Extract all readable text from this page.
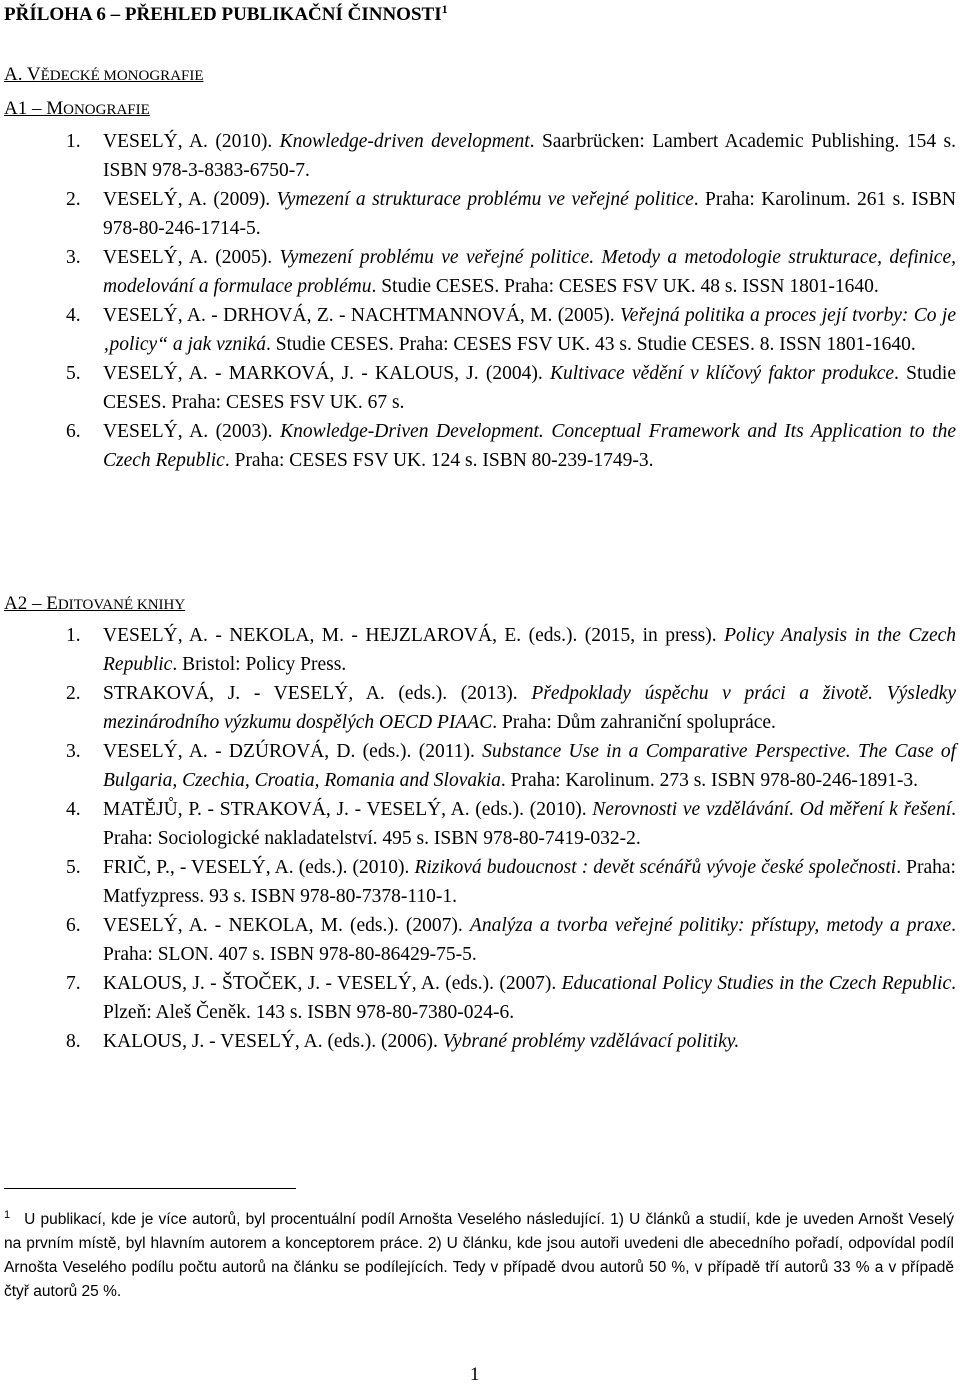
PŘÍLOHA 6 – PŘEHLED PUBLIKAČNÍ ČINNOSTI$^1$
A. VĚDECKÉ MONOGRAFIE
A1 – MONOGRAFIE
1. VESELÝ, A. (2010). Knowledge-driven development. Saarbrücken: Lambert Academic Publishing. 154 s. ISBN 978-3-8383-6750-7.
2. VESELÝ, A. (2009). Vymezení a strukturace problému ve veřejné politice. Praha: Karolinum. 261 s. ISBN 978-80-246-1714-5.
3. VESELÝ, A. (2005). Vymezení problému ve veřejné politice. Metody a metodologie strukturace, definice, modelování a formulace problému. Studie CESES. Praha: CESES FSV UK. 48 s. ISSN 1801-1640.
4. VESELÝ, A. - DRHOVÁ, Z. - NACHTMANNOVÁ, M. (2005). Veřejná politika a proces její tvorby: Co je ‚policy“ a jak vzniká. Studie CESES. Praha: CESES FSV UK. 43 s. Studie CESES. 8. ISSN 1801-1640.
5. VESELÝ, A. - MARKOVÁ, J. - KALOUS, J. (2004). Kultivace vědění v klíčový faktor produkce. Studie CESES. Praha: CESES FSV UK. 67 s.
6. VESELÝ, A. (2003). Knowledge-Driven Development. Conceptual Framework and Its Application to the Czech Republic. Praha: CESES FSV UK. 124 s. ISBN 80-239-1749-3.
A2 – EDITOVANÉ KNIHY
1. VESELÝ, A. - NEKOLA, M. - HEJZLAROVÁ, E. (eds.). (2015, in press). Policy Analysis in the Czech Republic. Bristol: Policy Press.
2. STRAKOVÁ, J. - VESELÝ, A. (eds.). (2013). Předpoklady úspěchu v práci a životě. Výsledky mezinárodního výzkumu dospělých OECD PIAAC. Praha: Dům zahraniční spolupráce.
3. VESELÝ, A. - DZÚROVÁ, D. (eds.). (2011). Substance Use in a Comparative Perspective. The Case of Bulgaria, Czechia, Croatia, Romania and Slovakia. Praha: Karolinum. 273 s. ISBN 978-80-246-1891-3.
4. MATĚJŮ, P. - STRAKOVÁ, J. - VESELÝ, A. (eds.). (2010). Nerovnosti ve vzdělávání. Od měření k řešení. Praha: Sociologické nakladatelství. 495 s. ISBN 978-80-7419-032-2.
5. FRIČ, P., - VESELÝ, A. (eds.). (2010). Riziková budoucnost : devět scénářů vývoje české společnosti. Praha: Matfyzpress. 93 s. ISBN 978-80-7378-110-1.
6. VESELÝ, A. - NEKOLA, M. (eds.). (2007). Analýza a tvorba veřejné politiky: přístupy, metody a praxe. Praha: SLON. 407 s. ISBN 978-80-86429-75-5.
7. KALOUS, J. - ŠTOČEK, J. - VESELÝ, A. (eds.). (2007). Educational Policy Studies in the Czech Republic. Plzeň: Aleš Čeněk. 143 s. ISBN 978-80-7380-024-6.
8. KALOUS, J. - VESELÝ, A. (eds.). (2006). Vybrané problémy vzdělávací politiky.
$^1$ U publikací, kde je více autorů, byl procentuální podíl Arnošta Veselého následující. 1) U článků a studií, kde je uveden Arnošt Veselý na prvním místě, byl hlavním autorem a konceptorem práce. 2) U článku, kde jsou autoři uvedeni dle abecedního pořadí, odpovídal podíl Arnošta Veselého podílu počtu autorů na článku se podílejících. Tedy v případě dvou autorů 50 %, v případě tří autorů 33 % a v případě čtyř autorů 25 %.
1
